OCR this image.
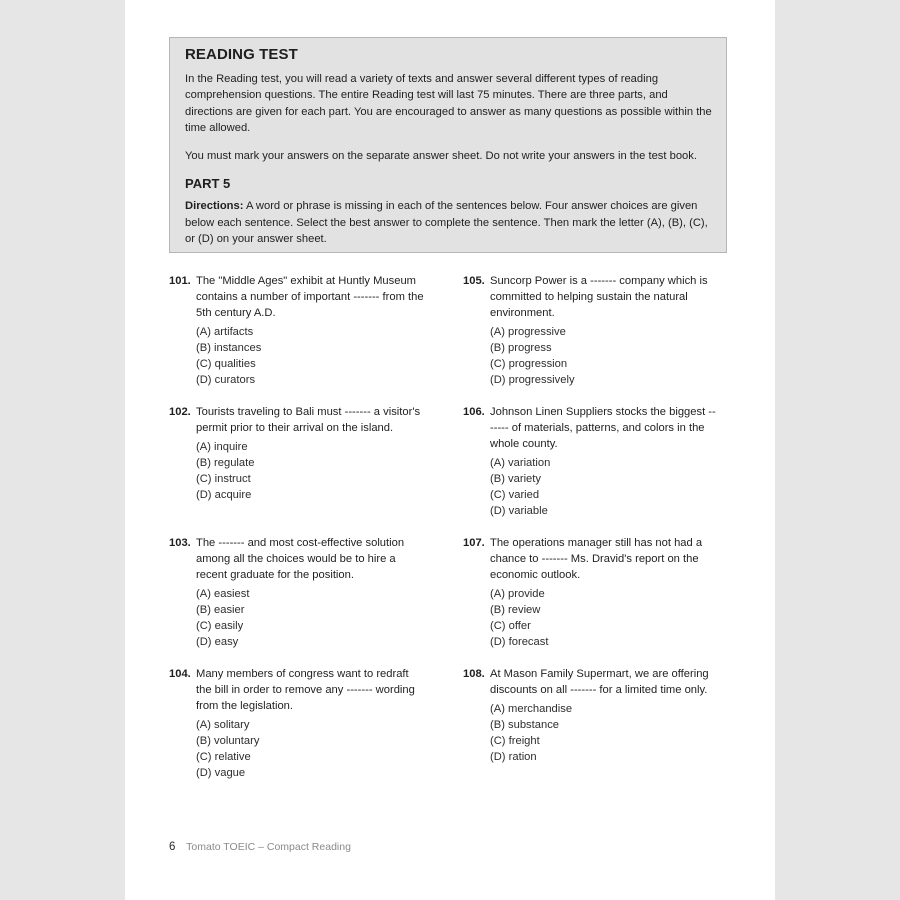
READING TEST

In the Reading test, you will read a variety of texts and answer several different types of reading comprehension questions. The entire Reading test will last 75 minutes. There are three parts, and directions are given for each part. You are encouraged to answer as many questions as possible within the time allowed.

You must mark your answers on the separate answer sheet. Do not write your answers in the test book.

PART 5

Directions: A word or phrase is missing in each of the sentences below. Four answer choices are given below each sentence. Select the best answer to complete the sentence. Then mark the letter (A), (B), (C), or (D) on your answer sheet.

101. The "Middle Ages" exhibit at Huntly Museum contains a number of important ------- from the 5th century A.D.
(A) artifacts
(B) instances
(C) qualities
(D) curators
102. Tourists traveling to Bali must ------- a visitor's permit prior to their arrival on the island.
(A) inquire
(B) regulate
(C) instruct
(D) acquire
103. The ------- and most cost-effective solution among all the choices would be to hire a recent graduate for the position.
(A) easiest
(B) easier
(C) easily
(D) easy
104. Many members of congress want to redraft the bill in order to remove any ------- wording from the legislation.
(A) solitary
(B) voluntary
(C) relative
(D) vague
105. Suncorp Power is a ------- company which is committed to helping sustain the natural environment.
(A) progressive
(B) progress
(C) progression
(D) progressively
106. Johnson Linen Suppliers stocks the biggest ------- of materials, patterns, and colors in the whole county.
(A) variation
(B) variety
(C) varied
(D) variable
107. The operations manager still has not had a chance to ------- Ms. Dravid's report on the economic outlook.
(A) provide
(B) review
(C) offer
(D) forecast
108. At Mason Family Supermart, we are offering discounts on all ------- for a limited time only.
(A) merchandise
(B) substance
(C) freight
(D) ration
6 Tomato TOEIC – Compact Reading
